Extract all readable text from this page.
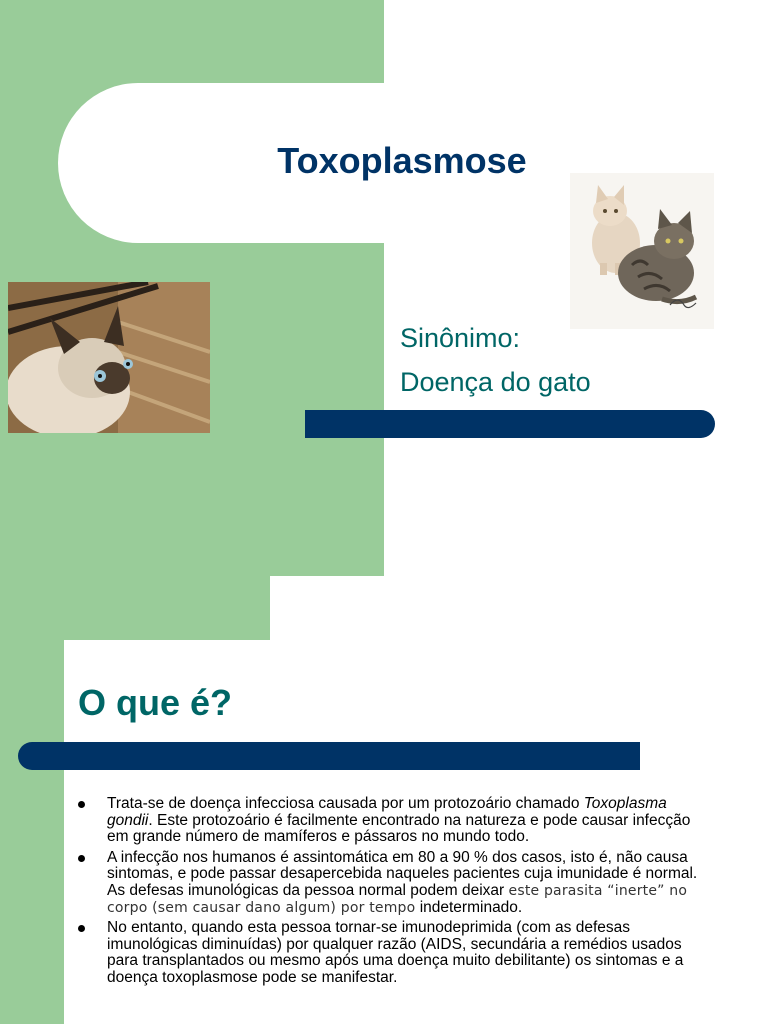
Toxoplasmose
Sinônimo:
Doença do gato
O que é?
Trata-se de doença infecciosa causada por um protozoário chamado Toxoplasma gondii. Este protozoário é facilmente encontrado na natureza e pode causar infecção em grande número de mamíferos e pássaros no mundo todo.
A infecção nos humanos é assintomática em 80 a 90 % dos casos, isto é, não causa sintomas, e pode passar desapercebida naqueles pacientes cuja imunidade é normal. As defesas imunológicas da pessoa normal podem deixar este parasita “inerte” no corpo (sem causar dano algum) por tempo indeterminado.
No entanto, quando esta pessoa tornar-se imunodeprimida (com as defesas imunológicas diminuídas) por qualquer razão (AIDS, secundária a remédios usados para transplantados ou mesmo após uma doença muito debilitante) os sintomas e a doença toxoplasmose pode se manifestar.
